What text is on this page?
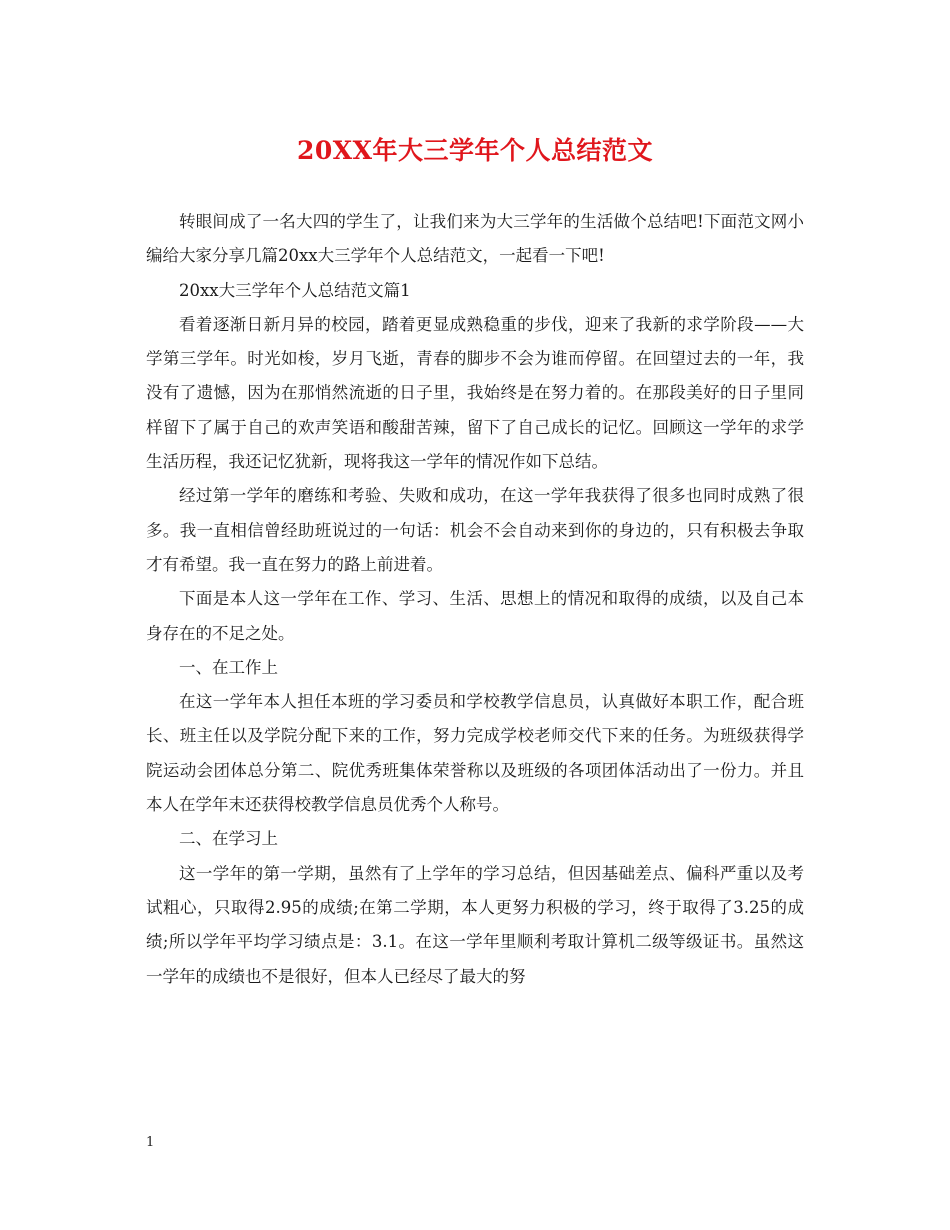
20XX年大三学年个人总结范文

转眼间成了一名大四的学生了，让我们来为大三学年的生活做个总结吧!下面范文网小编给大家分享几篇20xx大三学年个人总结范文，一起看一下吧!

20xx大三学年个人总结范文篇1

看着逐渐日新月异的校园，踏着更显成熟稳重的步伐，迎来了我新的求学阶段——大学第三学年。时光如梭，岁月飞逝，青春的脚步不会为谁而停留。在回望过去的一年，我没有了遗憾，因为在那悄然流逝的日子里，我始终是在努力着的。在那段美好的日子里同样留下了属于自己的欢声笑语和酸甜苦辣，留下了自己成长的记忆。回顾这一学年的求学生活历程，我还记忆犹新，现将我这一学年的情况作如下总结。

经过第一学年的磨练和考验、失败和成功，在这一学年我获得了很多也同时成熟了很多。我一直相信曾经助班说过的一句话：机会不会自动来到你的身边的，只有积极去争取才有希望。我一直在努力的路上前进着。

下面是本人这一学年在工作、学习、生活、思想上的情况和取得的成绩，以及自己本身存在的不足之处。

一、在工作上

在这一学年本人担任本班的学习委员和学校教学信息员，认真做好本职工作，配合班长、班主任以及学院分配下来的工作，努力完成学校老师交代下来的任务。为班级获得学院运动会团体总分第二、院优秀班集体荣誉称以及班级的各项团体活动出了一份力。并且本人在学年末还获得校教学信息员优秀个人称号。

二、在学习上

这一学年的第一学期，虽然有了上学年的学习总结，但因基础差点、偏科严重以及考试粗心，只取得2.95的成绩;在第二学期，本人更努力积极的学习，终于取得了3.25的成绩;所以学年平均学习绩点是：3.1。在这一学年里顺利考取计算机二级等级证书。虽然这一学年的成绩也不是很好，但本人已经尽了最大的努

1
